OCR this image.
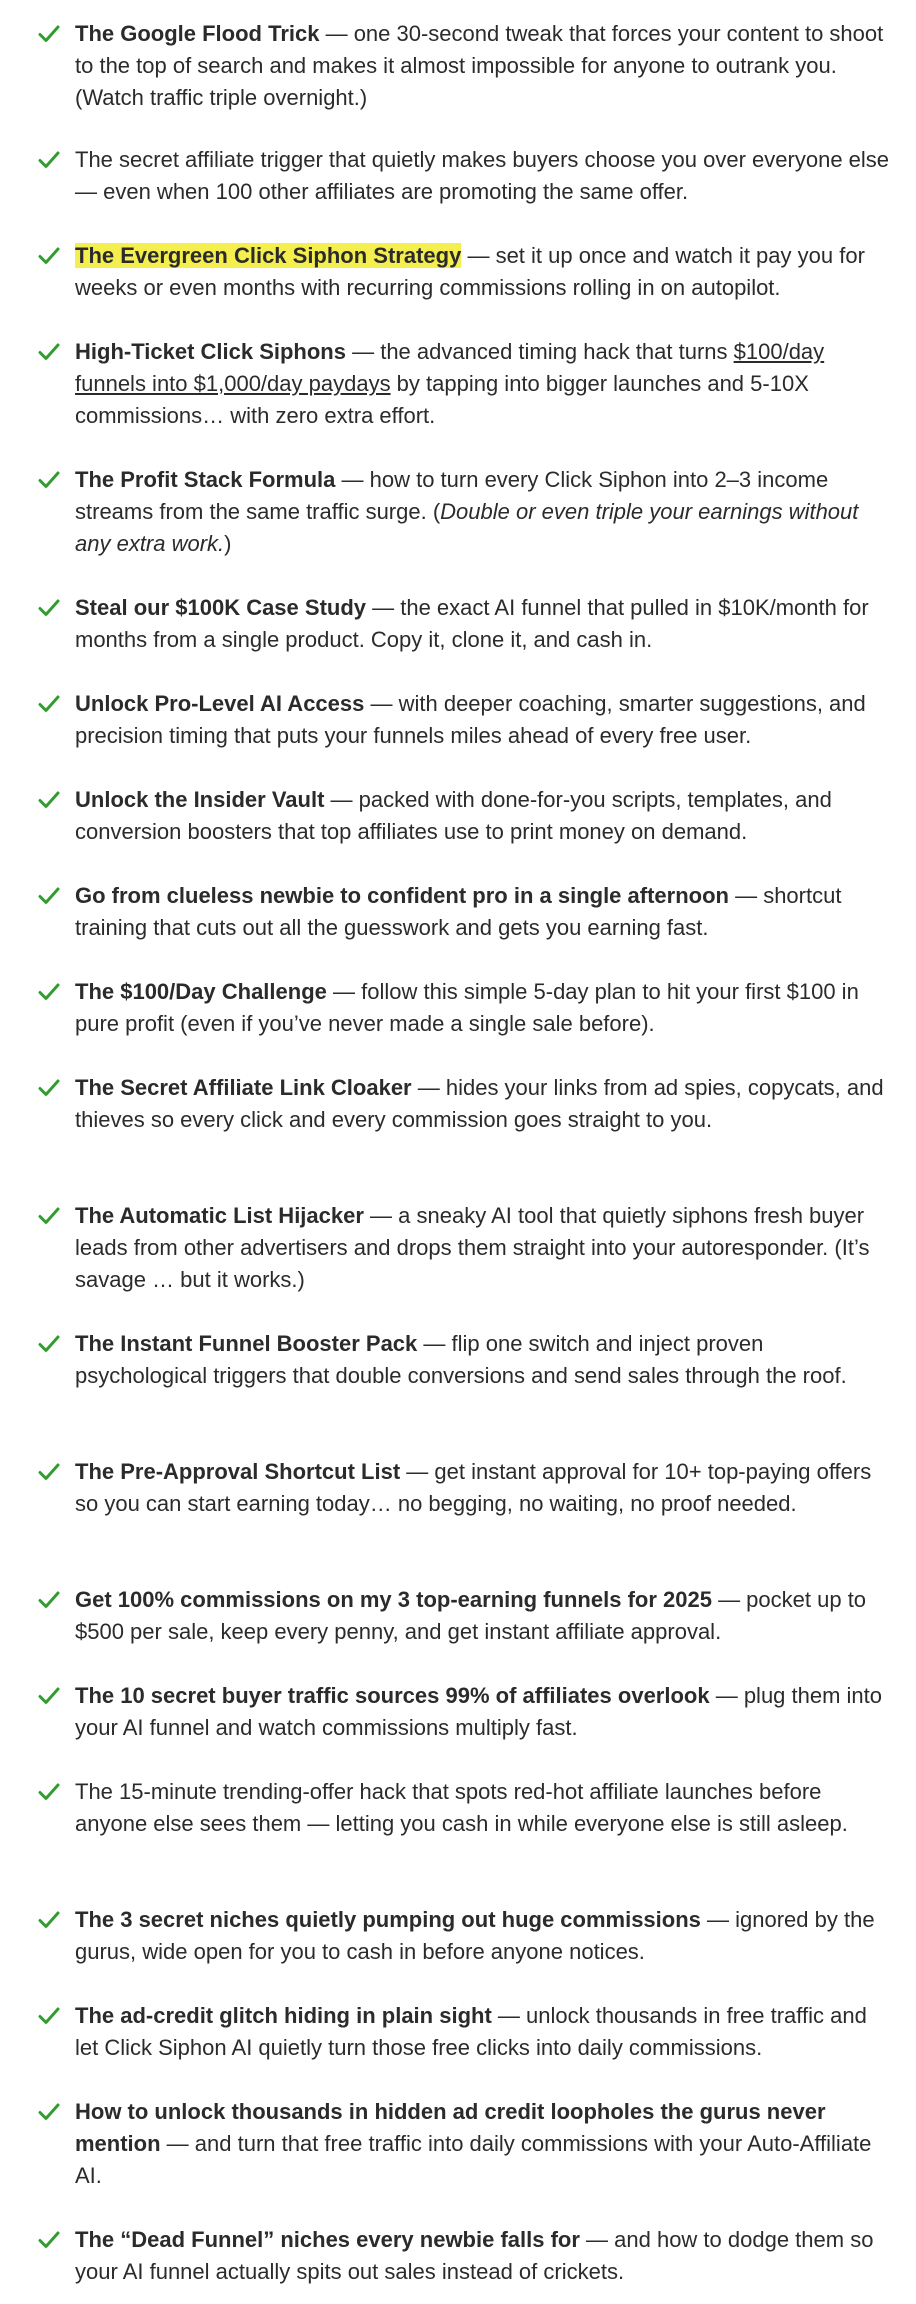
The Google Flood Trick — one 30-second tweak that forces your content to shoot to the top of search and makes it almost impossible for anyone to outrank you. (Watch traffic triple overnight.)
The secret affiliate trigger that quietly makes buyers choose you over everyone else — even when 100 other affiliates are promoting the same offer.
The Evergreen Click Siphon Strategy — set it up once and watch it pay you for weeks or even months with recurring commissions rolling in on autopilot.
High-Ticket Click Siphons — the advanced timing hack that turns $100/day funnels into $1,000/day paydays by tapping into bigger launches and 5-10X commissions… with zero extra effort.
The Profit Stack Formula — how to turn every Click Siphon into 2–3 income streams from the same traffic surge. (Double or even triple your earnings without any extra work.)
Steal our $100K Case Study — the exact AI funnel that pulled in $10K/month for months from a single product. Copy it, clone it, and cash in.
Unlock Pro-Level AI Access — with deeper coaching, smarter suggestions, and precision timing that puts your funnels miles ahead of every free user.
Unlock the Insider Vault — packed with done-for-you scripts, templates, and conversion boosters that top affiliates use to print money on demand.
Go from clueless newbie to confident pro in a single afternoon — shortcut training that cuts out all the guesswork and gets you earning fast.
The $100/Day Challenge — follow this simple 5-day plan to hit your first $100 in pure profit (even if you’ve never made a single sale before).
The Secret Affiliate Link Cloaker — hides your links from ad spies, copycats, and thieves so every click and every commission goes straight to you.
The Automatic List Hijacker — a sneaky AI tool that quietly siphons fresh buyer leads from other advertisers and drops them straight into your autoresponder. (It’s savage … but it works.)
The Instant Funnel Booster Pack — flip one switch and inject proven psychological triggers that double conversions and send sales through the roof.
The Pre-Approval Shortcut List — get instant approval for 10+ top-paying offers so you can start earning today… no begging, no waiting, no proof needed.
Get 100% commissions on my 3 top-earning funnels for 2025 — pocket up to $500 per sale, keep every penny, and get instant affiliate approval.
The 10 secret buyer traffic sources 99% of affiliates overlook — plug them into your AI funnel and watch commissions multiply fast.
The 15-minute trending-offer hack that spots red-hot affiliate launches before anyone else sees them — letting you cash in while everyone else is still asleep.
The 3 secret niches quietly pumping out huge commissions — ignored by the gurus, wide open for you to cash in before anyone notices.
The ad-credit glitch hiding in plain sight — unlock thousands in free traffic and let Click Siphon AI quietly turn those free clicks into daily commissions.
How to unlock thousands in hidden ad credit loopholes the gurus never mention — and turn that free traffic into daily commissions with your Auto-Affiliate AI.
The “Dead Funnel” niches every newbie falls for — and how to dodge them so your AI funnel actually spits out sales instead of crickets.
